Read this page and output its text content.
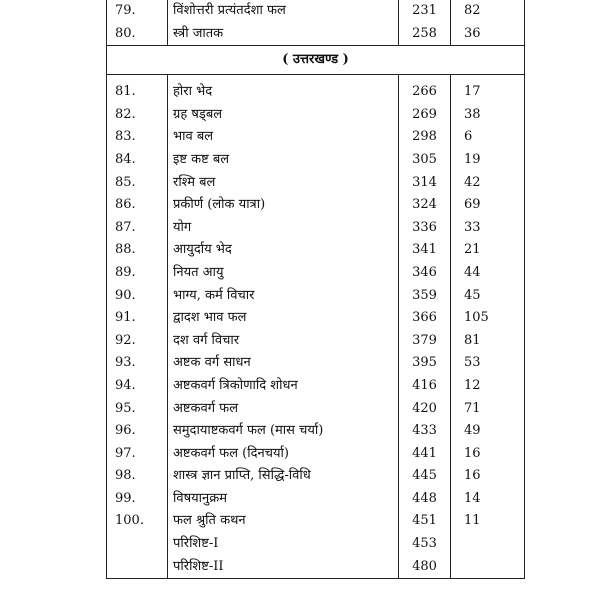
79.	विंशोत्तरी प्रत्यंतर्दशा फल	231	82
80.	स्त्री जातक	258	36
( उत्तरखण्ड )			

81.	होरा भेद	266	17
82.	ग्रह षड्बल	269	38
83.	भाव बल	298	6
84.	इष्ट कष्ट बल	305	19
85.	रश्मि बल	314	42
86.	प्रकीर्ण (लोक यात्रा)	324	69
87.	योग	336	33
88.	आयुर्दाय भेद	341	21
89.	नियत आयु	346	44
90.	भाग्य, कर्म विचार	359	45
91.	द्वादश भाव फल	366	105
92.	दश वर्ग विचार	379	81
93.	अष्टक वर्ग साधन	395	53
94.	अष्टकवर्ग त्रिकोणादि शोधन	416	12
95.	अष्टकवर्ग फल	420	71
96.	समुदायाष्टकवर्ग फल (मास चर्या)	433	49
97.	अष्टकवर्ग फल (दिनचर्या)	441	16
98.	शास्त्र ज्ञान प्राप्ति, सिद्धि-विधि	445	16
99.	विषयानुक्रम	448	14
100.	फल श्रुति कथन	451	11
	परिशिष्ट-I	453	
	परिशिष्ट-II	480	
